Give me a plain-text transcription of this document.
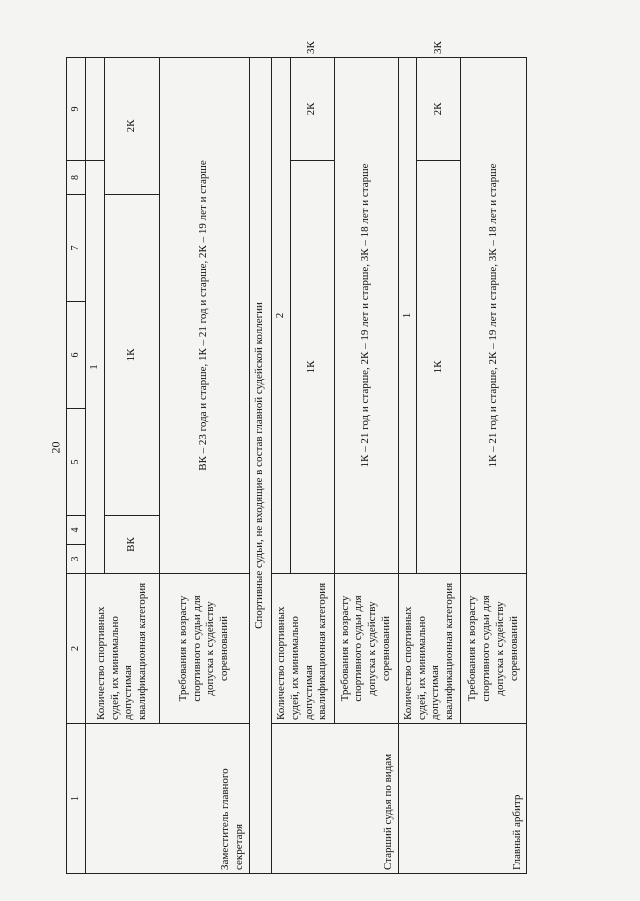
20
1	2	3	4	5	6	7	8	9	
Заместитель главного секретаря	Количество спортивных судей, их минимально допустимая квалификационная категория	1							
		ВК		1К			2К		
	Требования к возрасту спортивного судьи для допуска к судейству соревнований	ВК – 23 года и старше, 1К – 21 год и старше, 2К – 19 лет и старше							
Спортивные судьи, не входящие в состав главной судейской коллегии									
Старший судья по видам	Количество спортивных судей, их минимально допустимая квалификационная категория	2							
		1К						2К	3К
	Требования к возрасту спортивного судьи для допуска к судейству соревнований	1К – 21 год и старше, 2К – 19 лет и старше, 3К – 18 лет и старше							
Главный арбитр	Количество спортивных судей, их минимально допустимая квалификационная категория	1							
		1К						2К	3К
	Требования к возрасту спортивного судьи для допуска к судейству соревнований	1К – 21 год и старше, 2К – 19 лет и старше, 3К – 18 лет и старше							
